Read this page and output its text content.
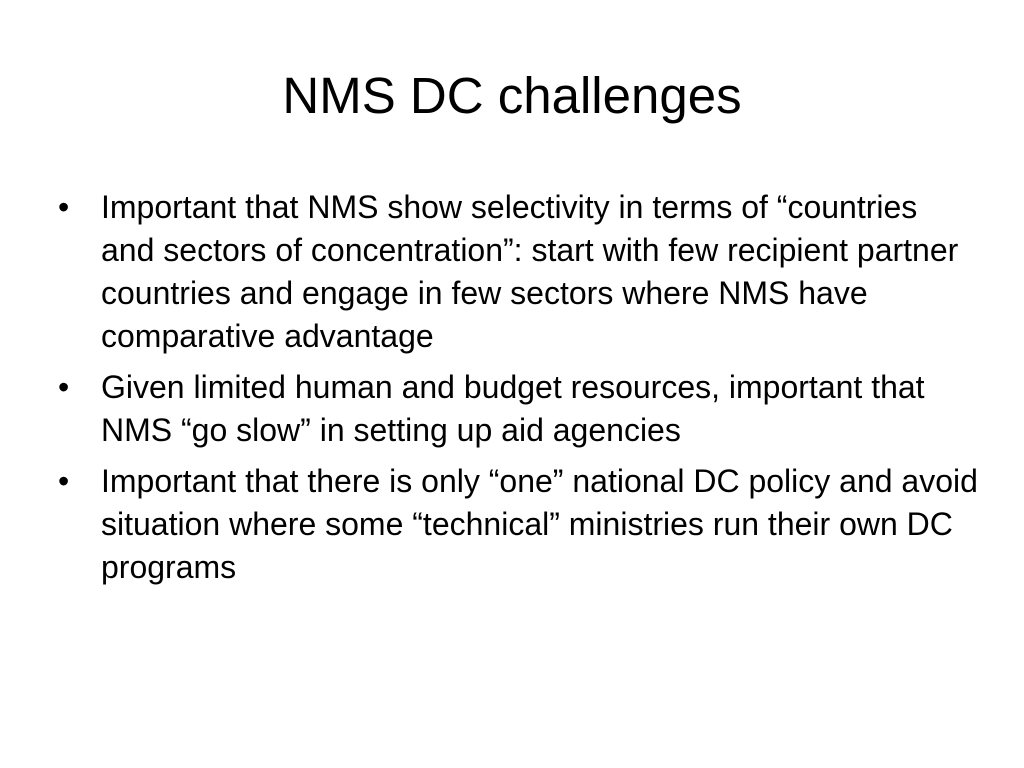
NMS DC challenges
• Important that NMS show selectivity in terms of “countries and sectors of concentration”: start with few recipient partner countries and engage in few sectors where NMS have comparative advantage
• Given limited human and budget resources, important that NMS “go slow” in setting up aid agencies
• Important that there is only “one” national DC policy and avoid situation where some “technical” ministries run their own DC programs
